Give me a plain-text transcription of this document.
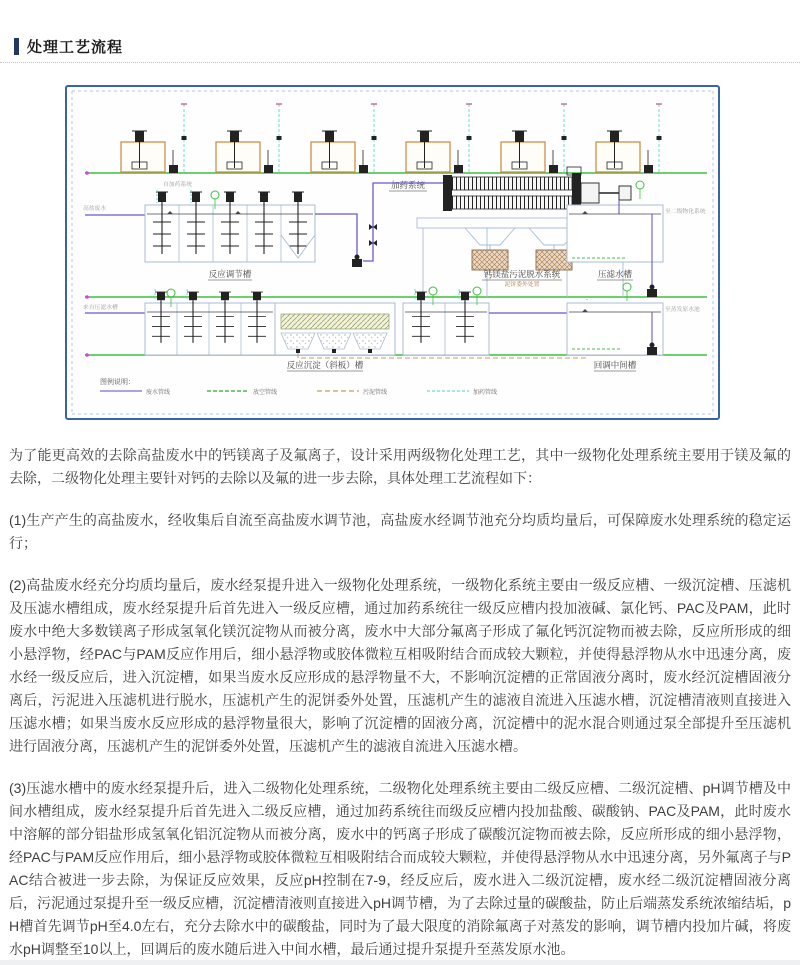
处理工艺流程
加药系统
高盐废水
自加药系统
泥饼委外处置
至二级物化系统
反应调节槽	钙镁盐污泥脱水系统	压滤水槽
来自压滤水槽	至蒸发原水池
反应沉淀（斜板）槽	回调中间槽
图例说明：
废水管线	放空管线	污泥管线	加药管线

为了能更高效的去除高盐废水中的钙镁离子及氟离子，设计采用两级物化处理工艺，其中一级物化处理系统主要用于镁及氟的去除，二级物化处理主要针对钙的去除以及氟的进一步去除，具体处理工艺流程如下：

(1)生产产生的高盐废水，经收集后自流至高盐废水调节池，高盐废水经调节池充分均质均量后，可保障废水处理系统的稳定运行；

(2)高盐废水经充分均质均量后，废水经泵提升进入一级物化处理系统，一级物化系统主要由一级反应槽、一级沉淀槽、压滤机及压滤水槽组成，废水经泵提升后首先进入一级反应槽，通过加药系统往一级反应槽内投加液碱、氯化钙、PAC及PAM，此时废水中绝大多数镁离子形成氢氧化镁沉淀物从而被分离，废水中大部分氟离子形成了氟化钙沉淀物而被去除，反应所形成的细小悬浮物，经PAC与PAM反应作用后，细小悬浮物或胶体微粒互相吸附结合而成较大颗粒，并使得悬浮物从水中迅速分离，废水经一级反应后，进入沉淀槽，如果当废水反应形成的悬浮物量不大，不影响沉淀槽的正常固液分离时，废水经沉淀槽固液分离后，污泥进入压滤机进行脱水，压滤机产生的泥饼委外处置，压滤机产生的滤液自流进入压滤水槽，沉淀槽清液则直接进入压滤水槽；如果当废水反应形成的悬浮物量很大，影响了沉淀槽的固液分离，沉淀槽中的泥水混合则通过泵全部提升至压滤机进行固液分离，压滤机产生的泥饼委外处置，压滤机产生的滤液自流进入压滤水槽。

(3)压滤水槽中的废水经泵提升后，进入二级物化处理系统，二级物化处理系统主要由二级反应槽、二级沉淀槽、pH调节槽及中间水槽组成，废水经泵提升后首先进入二级反应槽，通过加药系统往而级反应槽内投加盐酸、碳酸钠、PAC及PAM，此时废水中溶解的部分铝盐形成氢氧化铝沉淀物从而被分离，废水中的钙离子形成了碳酸沉淀物而被去除，反应所形成的细小悬浮物，经PAC与PAM反应作用后，细小悬浮物或胶体微粒互相吸附结合而成较大颗粒，并使得悬浮物从水中迅速分离，另外氟离子与PAC结合被进一步去除，为保证反应效果，反应pH控制在7-9，经反应后，废水进入二级沉淀槽，废水经二级沉淀槽固液分离后，污泥通过泵提升至一级反应槽，沉淀槽清液则直接进入pH调节槽，为了去除过量的碳酸盐，防止后端蒸发系统浓缩结垢，pH槽首先调节pH至4.0左右，充分去除水中的碳酸盐，同时为了最大限度的消除氟离子对蒸发的影响，调节槽内投加片碱，将废水pH调整至10以上，回调后的废水随后进入中间水槽，最后通过提升泵提升至蒸发原水池。
